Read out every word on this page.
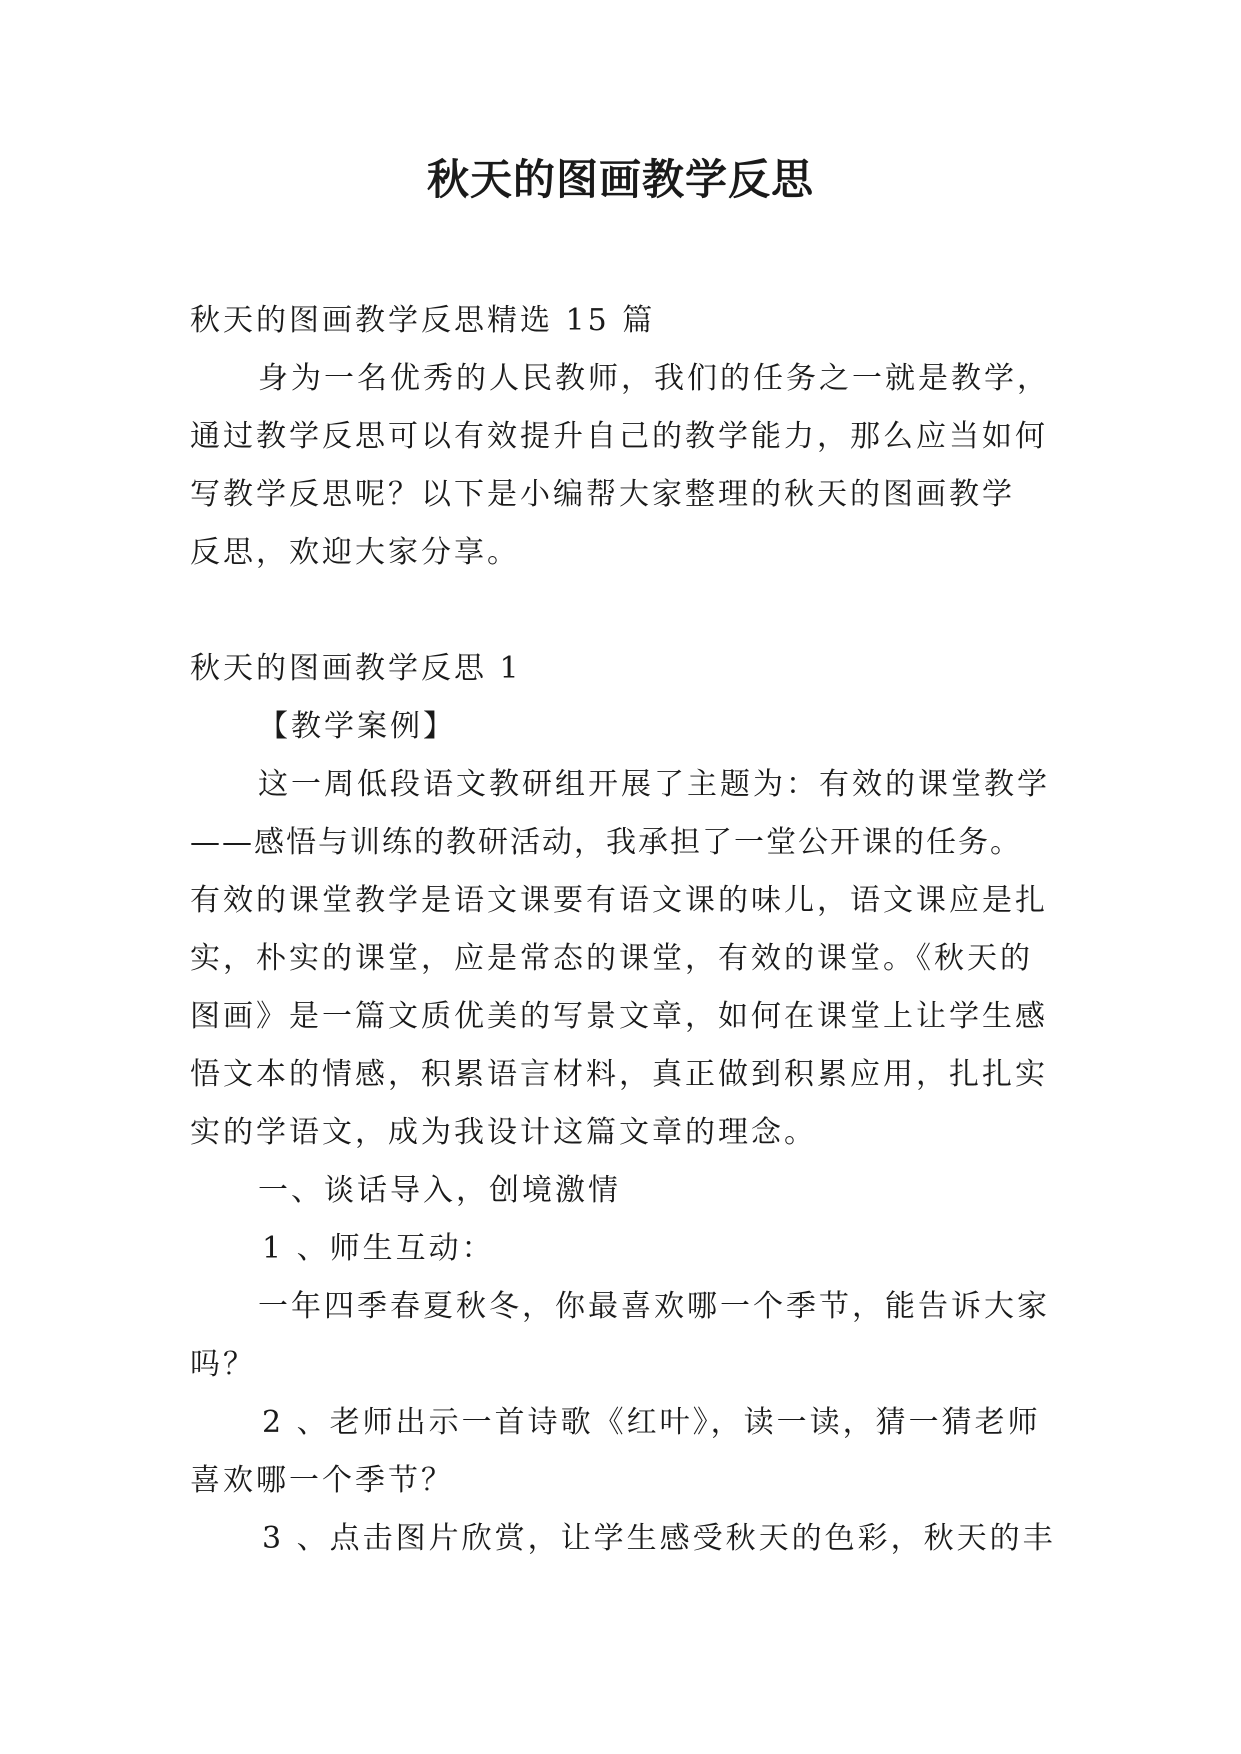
秋天的图画教学反思

秋天的图画教学反思精选 15 篇

身为一名优秀的人民教师，我们的任务之一就是教学，

通过教学反思可以有效提升自己的教学能力，那么应当如何

写教学反思呢？以下是小编帮大家整理的秋天的图画教学

反思，欢迎大家分享。

秋天的图画教学反思 1

【教学案例】

这一周低段语文教研组开展了主题为：有效的课堂教学

——感悟与训练的教研活动，我承担了一堂公开课的任务。

有效的课堂教学是语文课要有语文课的味儿，语文课应是扎

实，朴实的课堂，应是常态的课堂，有效的课堂。《秋天的

图画》是一篇文质优美的写景文章，如何在课堂上让学生感

悟文本的情感，积累语言材料，真正做到积累应用，扎扎实

实的学语文，成为我设计这篇文章的理念。

一、谈话导入，创境激情

1 、师生互动：

一年四季春夏秋冬，你最喜欢哪一个季节，能告诉大家

吗？

2 、老师出示一首诗歌《红叶》，读一读，猜一猜老师

喜欢哪一个季节？

3 、点击图片欣赏，让学生感受秋天的色彩，秋天的丰
